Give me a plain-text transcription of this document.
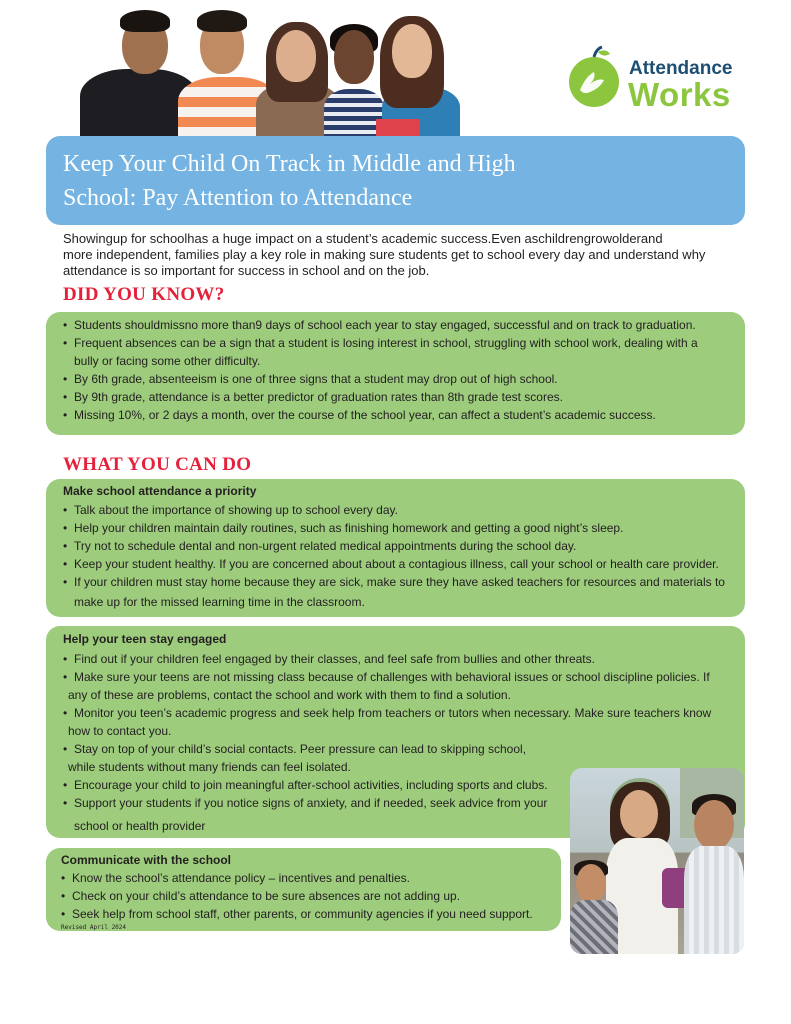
Attendance
Works
Keep Your Child On Track in Middle and High
School: Pay Attention to Attendance
Showingup for schoolhas a huge impact on a student’s academic success.Even aschildrengrowolderand
more independent, families play a key role in making sure students get to school every day and understand why
attendance is so important for success in school and on the job.
DID YOU KNOW?
• Students shouldmissno more than9 days of school each year to stay engaged, successful and on track to graduation.
• Frequent absences can be a sign that a student is losing interest in school, struggling with school work, dealing with a
bully or facing some other difficulty.
• By 6th grade, absenteeism is one of three signs that a student may drop out of high school.
• By 9th grade, attendance is a better predictor of graduation rates than 8th grade test scores.
• Missing 10%, or 2 days a month, over the course of the school year, can affect a student’s academic success.
WHAT YOU CAN DO
Make school attendance a priority
• Talk about the importance of showing up to school every day.
• Help your children maintain daily routines, such as finishing homework and getting a good night’s sleep.
• Try not to schedule dental and non-urgent related medical appointments during the school day.
• Keep your student healthy. If you are concerned about about a contagious illness, call your school or health care provider.
• If your children must stay home because they are sick, make sure they have asked teachers for resources and materials to
make up for the missed learning time in the classroom.
Help your teen stay engaged
• Find out if your children feel engaged by their classes, and feel safe from bullies and other threats.
• Make sure your teens are not missing class because of challenges with behavioral issues or school discipline policies. If
any of these are problems, contact the school and work with them to find a solution.
• Monitor you teen’s academic progress and seek help from teachers or tutors when necessary. Make sure teachers know
how to contact you.
• Stay on top of your child’s social contacts. Peer pressure can lead to skipping school,
while students without many friends can feel isolated.
• Encourage your child to join meaningful after-school activities, including sports and clubs.
• Support your students if you notice signs of anxiety, and if needed, seek advice from your
school or health provider
Communicate with the school
• Know the school’s attendance policy – incentives and penalties.
• Check on your child’s attendance to be sure absences are not adding up.
• Seek help from school staff, other parents, or community agencies if you need support.
Revised April 2024
